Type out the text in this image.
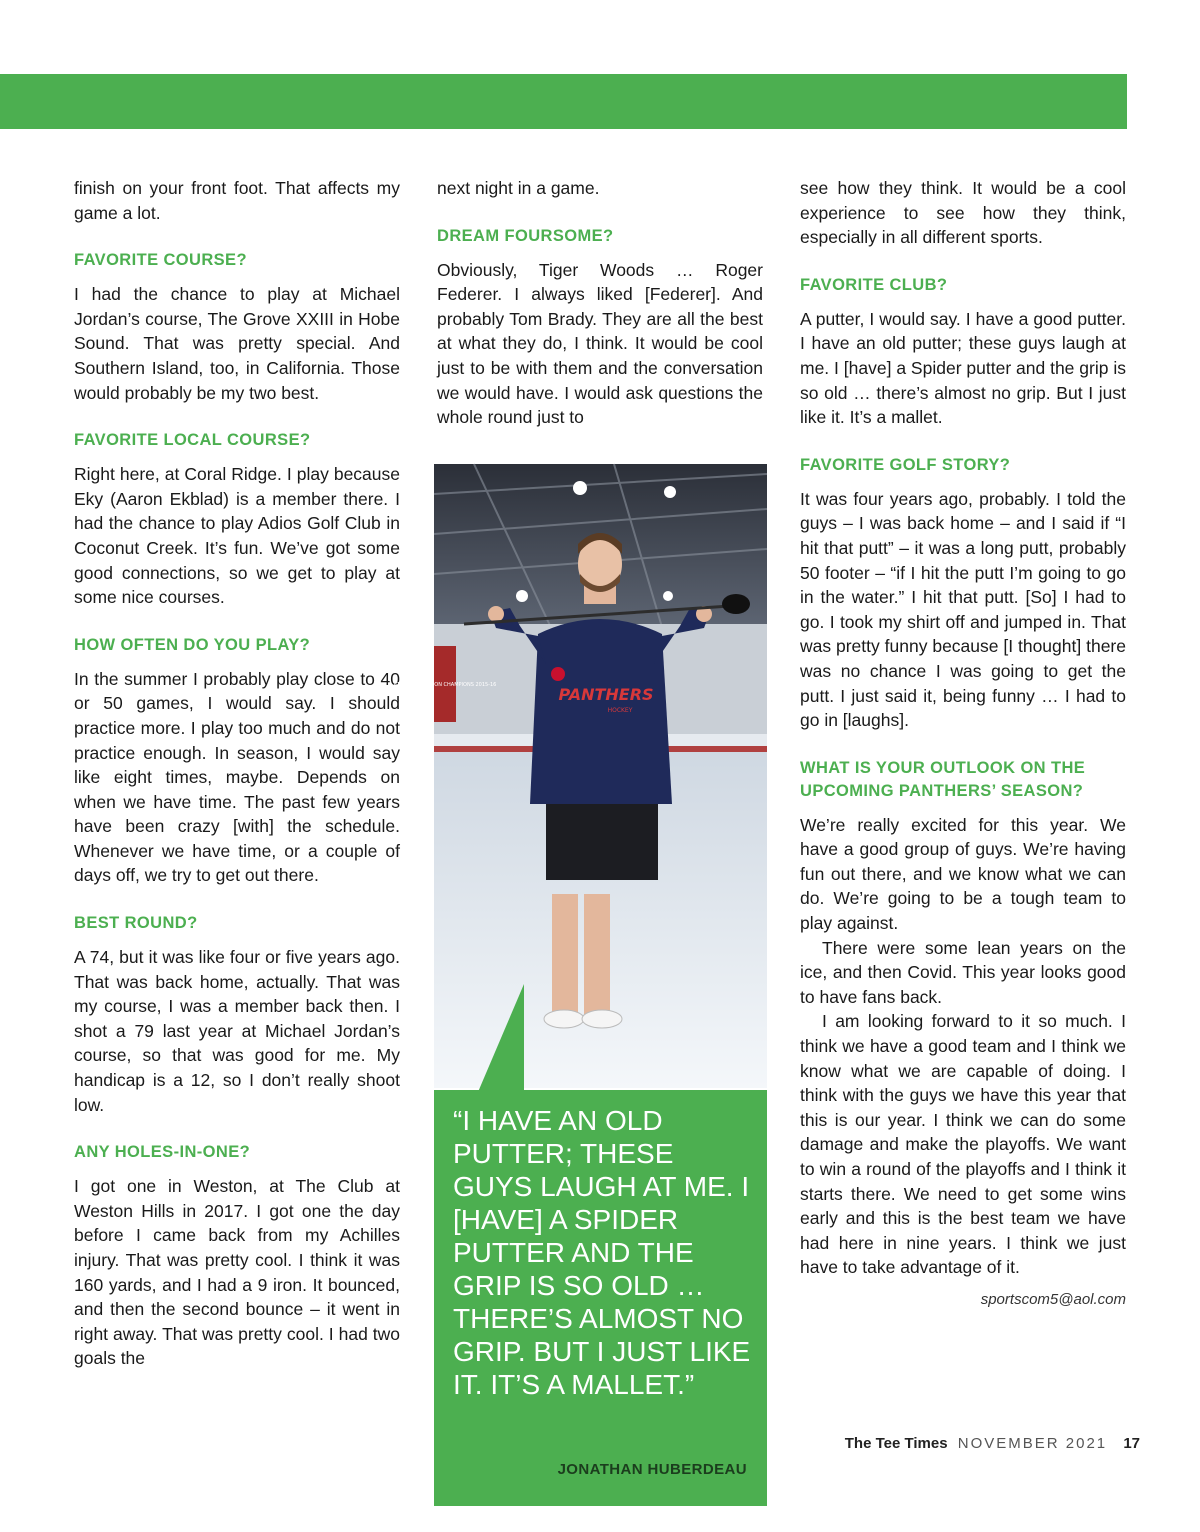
finish on your front foot. That affects my game a lot.

FAVORITE COURSE?

I had the chance to play at Michael Jordan’s course, The Grove XXIII in Hobe Sound. That was pretty special. And Southern Island, too, in California. Those would probably be my two best.

FAVORITE LOCAL COURSE?

Right here, at Coral Ridge. I play because Eky (Aaron Ekblad) is a member there. I had the chance to play Adios Golf Club in Coconut Creek. It’s fun. We’ve got some good connections, so we get to play at some nice courses.

HOW OFTEN DO YOU PLAY?

In the summer I probably play close to 40 or 50 games, I would say. I should practice more. I play too much and do not practice enough. In season, I would say like eight times, maybe. Depends on when we have time. The past few years have been crazy [with] the schedule. Whenever we have time, or a couple of days off, we try to get out there.

BEST ROUND?

A 74, but it was like four or five years ago. That was back home, actually. That was my course, I was a member back then. I shot a 79 last year at Michael Jordan’s course, so that was good for me. My handicap is a 12, so I don’t really shoot low.

ANY HOLES-IN-ONE?

I got one in Weston, at The Club at Weston Hills in 2017. I got one the day before I came back from my Achilles injury. That was pretty cool. I think it was 160 yards, and I had a 9 iron. It bounced, and then the second bounce – it went in right away. That was pretty cool. I had two goals the

next night in a game.

DREAM FOURSOME?

Obviously, Tiger Woods … Roger Federer. I always liked [Federer]. And probably Tom Brady. They are all the best at what they do, I think. It would be cool just to be with them and the conversation we would have. I would ask questions the whole round just to

ATLANTIC DIVISION CHAMPIONS 2015-16	PANTHERS
HOCKEY

“I HAVE AN OLD PUTTER; THESE GUYS LAUGH AT ME. I [HAVE] A SPIDER PUTTER AND THE GRIP IS SO OLD … THERE’S ALMOST NO GRIP. BUT I JUST LIKE IT. IT’S A MALLET.”

JONATHAN HUBERDEAU

see how they think. It would be a cool experience to see how they think, especially in all different sports.

FAVORITE CLUB?

A putter, I would say. I have a good putter. I have an old putter; these guys laugh at me. I [have] a Spider putter and the grip is so old … there’s almost no grip. But I just like it. It’s a mallet.

FAVORITE GOLF STORY?

It was four years ago, probably. I told the guys – I was back home – and I said if “I hit that putt” – it was a long putt, probably 50 footer – “if I hit the putt I’m going to go in the water.” I hit that putt. [So] I had to go. I took my shirt off and jumped in. That was pretty funny because [I thought] there was no chance I was going to get the putt. I just said it, being funny … I had to go in [laughs].

WHAT IS YOUR OUTLOOK ON THE UPCOMING PANTHERS’ SEASON?

We’re really excited for this year. We have a good group of guys. We’re having fun out there, and we know what we can do. We’re going to be a tough team to play against.

There were some lean years on the ice, and then Covid. This year looks good to have fans back.

I am looking forward to it so much. I think we have a good team and I think we know what we are capable of doing. I think with the guys we have this year that this is our year. I think we can do some damage and make the playoffs. We want to win a round of the playoffs and I think it starts there. We need to get some wins early and this is the best team we have had here in nine years. I think we just have to take advantage of it.

sportscom5@aol.com

The Tee Times NOVEMBER 2021 17
